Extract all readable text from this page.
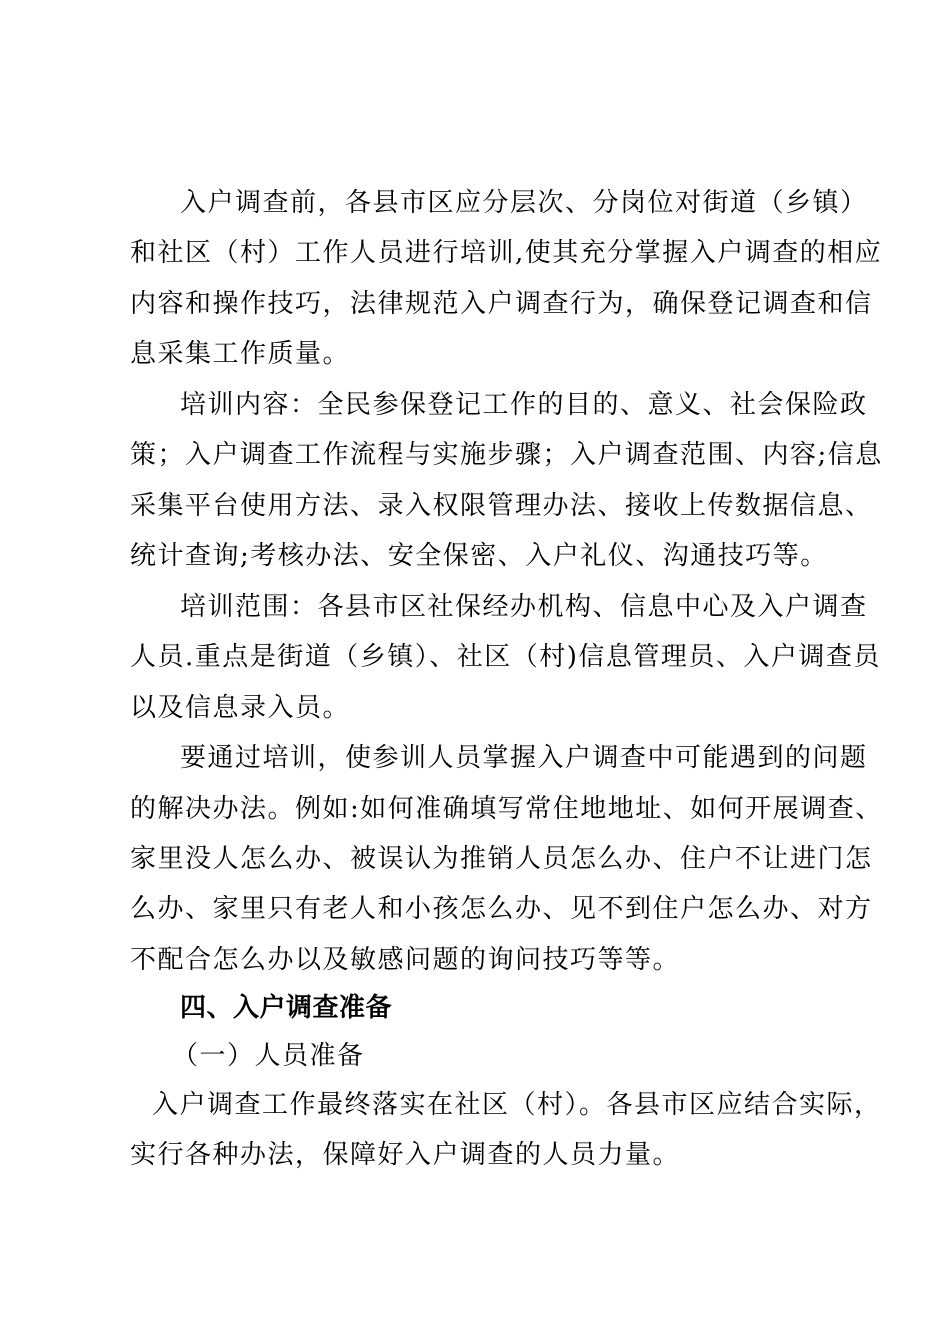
入户调查前，各县市区应分层次、分岗位对街道（乡镇）
和社区（村）工作人员进行培训,使其充分掌握入户调查的相应
内容和操作技巧，法律规范入户调查行为，确保登记调查和信
息采集工作质量。
培训内容：全民参保登记工作的目的、意义、社会保险政
策；入户调查工作流程与实施步骤；入户调查范围、内容;信息
采集平台使用方法、录入权限管理办法、接收上传数据信息、
统计查询;考核办法、安全保密、入户礼仪、沟通技巧等。
培训范围：各县市区社保经办机构、信息中心及入户调查
人员.重点是街道（乡镇）、社区（村)信息管理员、入户调查员
以及信息录入员。
要通过培训，使参训人员掌握入户调查中可能遇到的问题
的解决办法。例如:如何准确填写常住地地址、如何开展调查、
家里没人怎么办、被误认为推销人员怎么办、住户不让进门怎
么办、家里只有老人和小孩怎么办、见不到住户怎么办、对方
不配合怎么办以及敏感问题的询问技巧等等。
四、入户调查准备
（一）人员准备
入户调查工作最终落实在社区（村）。各县市区应结合实际，
实行各种办法，保障好入户调查的人员力量。
